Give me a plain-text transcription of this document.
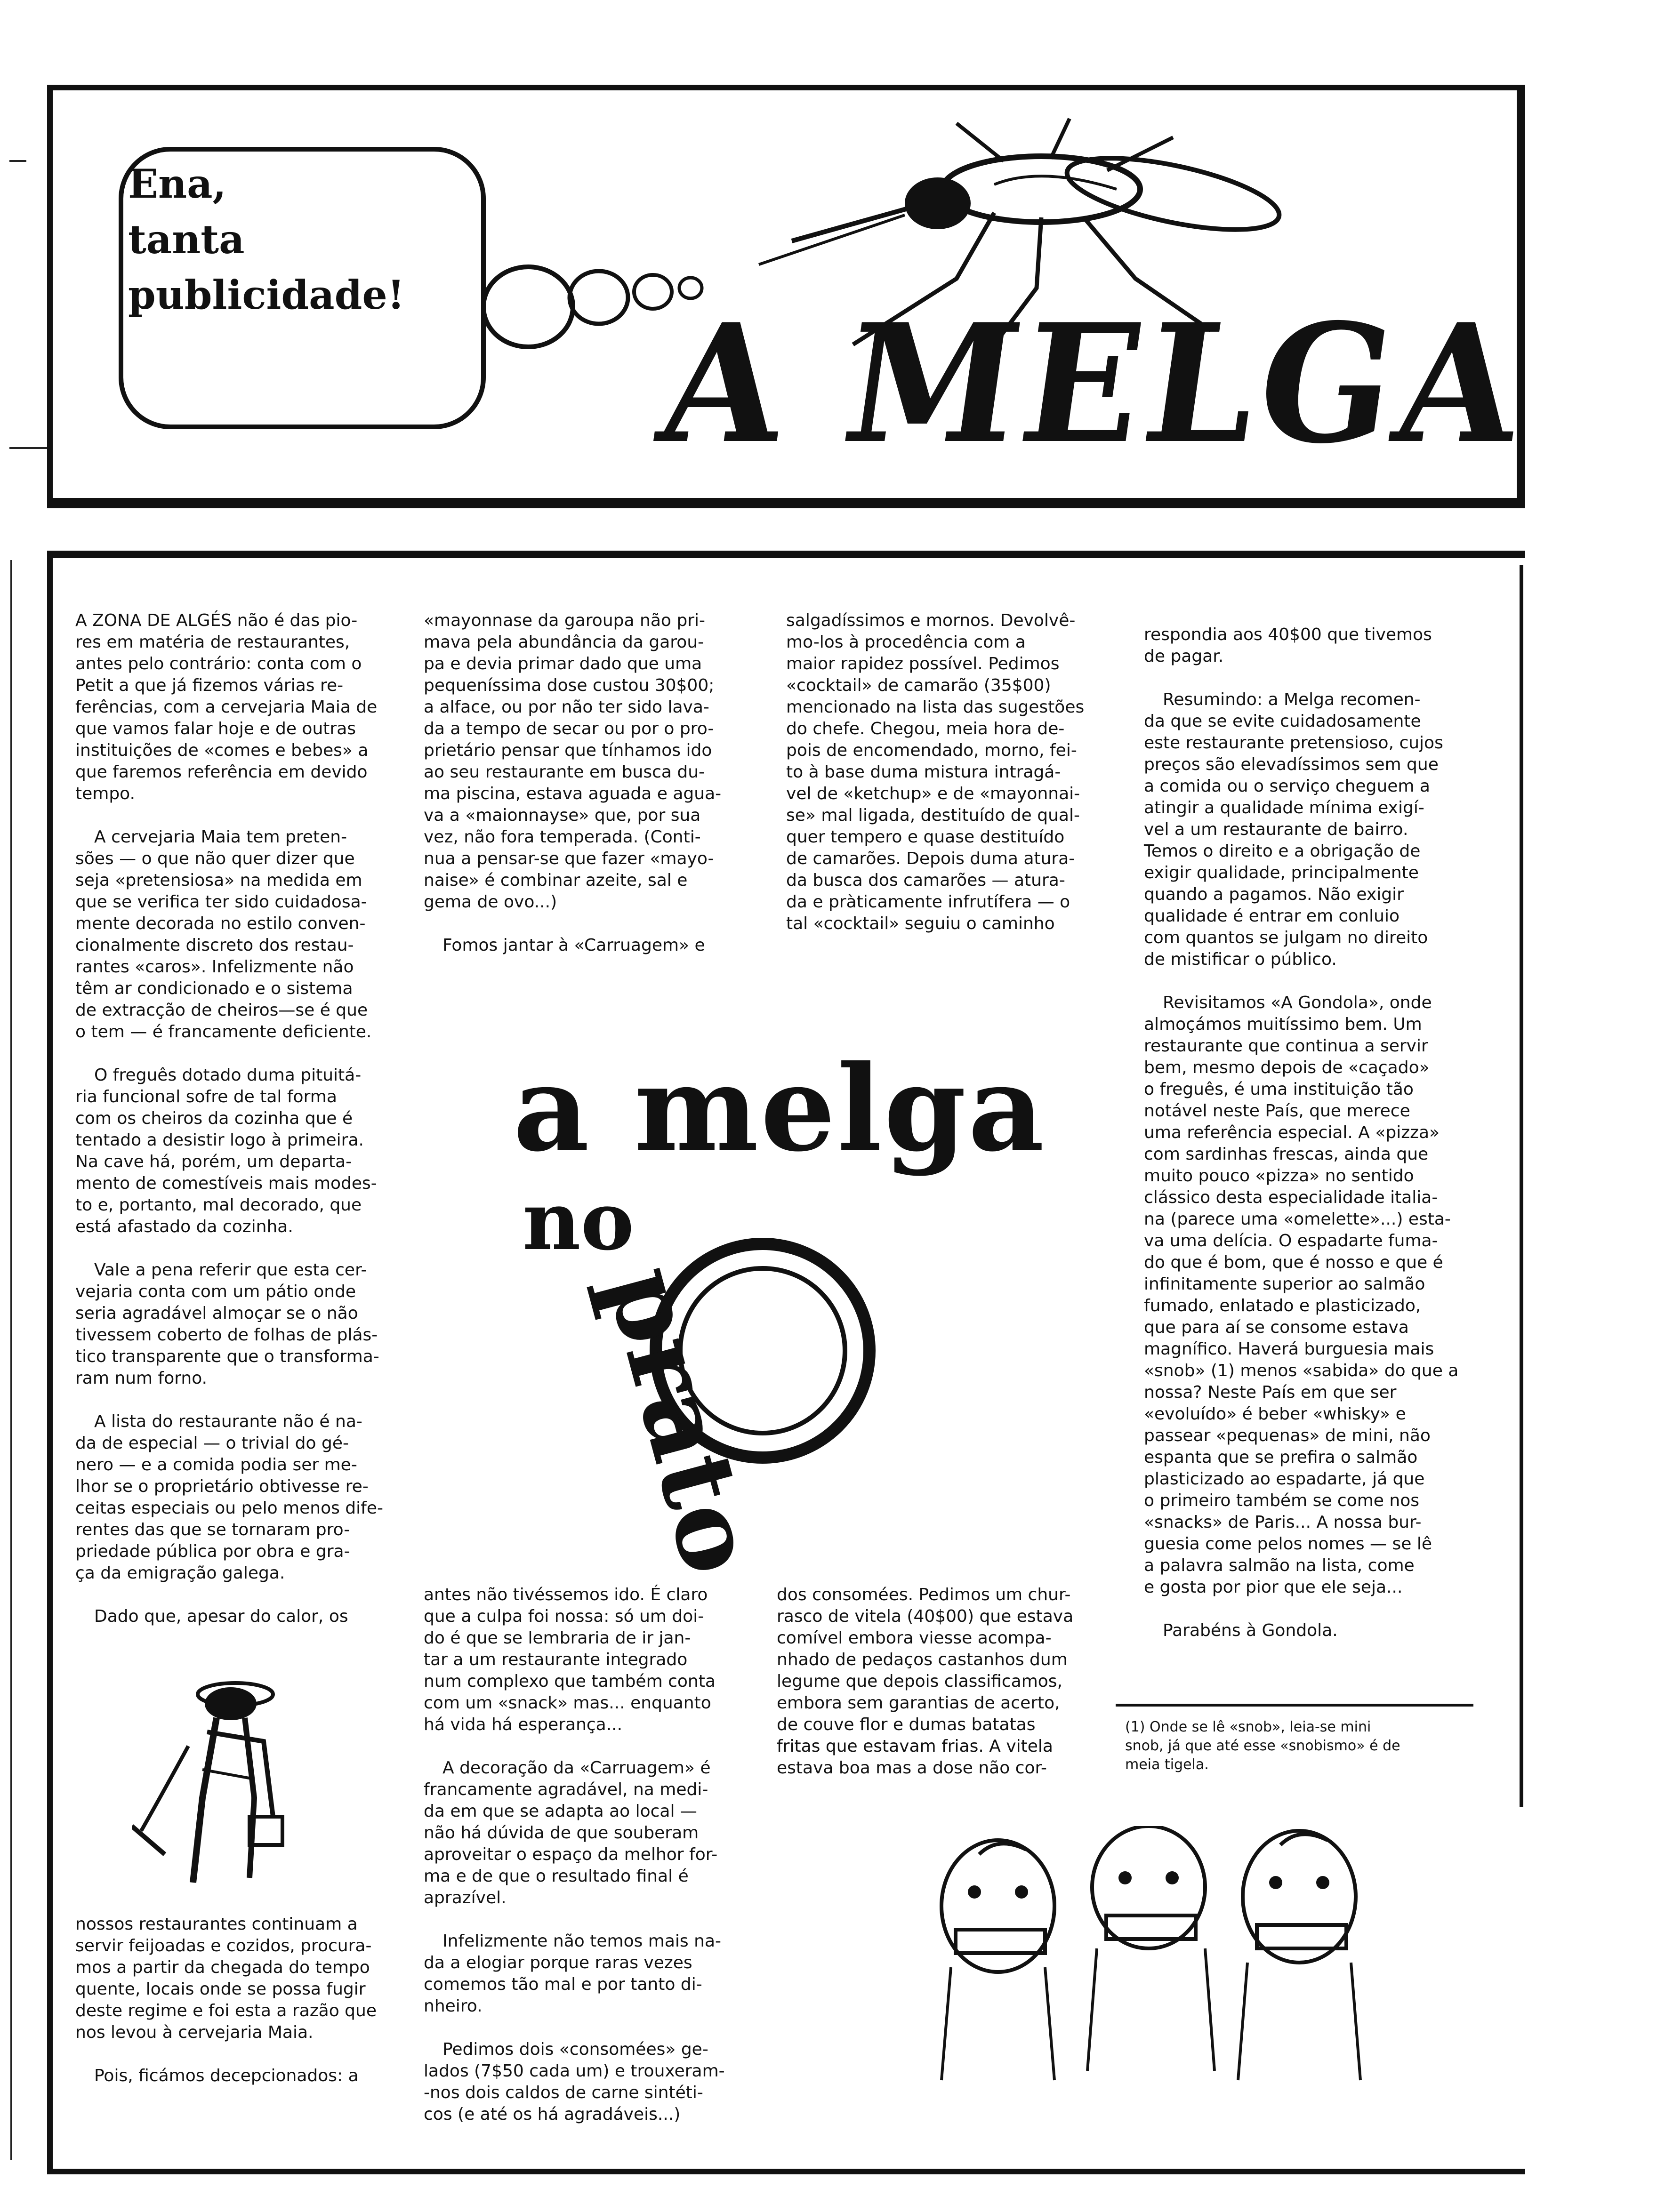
Ena,
tanta
publicidade! A MELGA

A ZONA DE ALGÉS não é das pio-
res em matéria de restaurantes,
antes pelo contrário: conta com o
Petit a que já fizemos várias re-
ferências, com a cervejaria Maia de
que vamos falar hoje e de outras
instituições de «comes e bebes» a
que faremos referência em devido
tempo.

A cervejaria Maia tem preten-
sões — o que não quer dizer que
seja «pretensiosa» na medida em
que se verifica ter sido cuidadosa-
mente decorada no estilo conven-
cionalmente discreto dos restau-
rantes «caros». Infelizmente não
têm ar condicionado e o sistema
de extracção de cheiros—se é que
o tem — é francamente deficiente.

O freguês dotado duma pituitá-
ria funcional sofre de tal forma
com os cheiros da cozinha que é
tentado a desistir logo à primeira.
Na cave há, porém, um departa-
mento de comestíveis mais modes-
to e, portanto, mal decorado, que
está afastado da cozinha.

Vale a pena referir que esta cer-
vejaria conta com um pátio onde
seria agradável almoçar se o não
tivessem coberto de folhas de plás-
tico transparente que o transforma-
ram num forno.

A lista do restaurante não é na-
da de especial — o trivial do gé-
nero — e a comida podia ser me-
lhor se o proprietário obtivesse re-
ceitas especiais ou pelo menos dife-
rentes das que se tornaram pro-
priedade pública por obra e gra-
ça da emigração galega.

Dado que, apesar do calor, os

nossos restaurantes continuam a
servir feijoadas e cozidos, procura-
mos a partir da chegada do tempo
quente, locais onde se possa fugir
deste regime e foi esta a razão que
nos levou à cervejaria Maia.

Pois, ficámos decepcionados: a

«mayonnase da garoupa não pri-
mava pela abundância da garou-
pa e devia primar dado que uma
pequeníssima dose custou 30$00;
a alface, ou por não ter sido lava-
da a tempo de secar ou por o pro-
prietário pensar que tínhamos ido
ao seu restaurante em busca du-
ma piscina, estava aguada e agua-
va a «maionnayse» que, por sua
vez, não fora temperada. (Conti-
nua a pensar-se que fazer «mayo-
naise» é combinar azeite, sal e
gema de ovo...)

Fomos jantar à «Carruagem» e

salgadíssimos e mornos. Devolvê-
mo-los à procedência com a
maior rapidez possível. Pedimos
«cocktail» de camarão (35$00)
mencionado na lista das sugestões
do chefe. Chegou, meia hora de-
pois de encomendado, morno, fei-
to à base duma mistura intragá-
vel de «ketchup» e de «mayonnai-
se» mal ligada, destituído de qual-
quer tempero e quase destituído
de camarões. Depois duma atura-
da busca dos camarões — atura-
da e pràticamente infrutífera — o
tal «cocktail» seguiu o caminho

a melga
no
prato

antes não tivéssemos ido. É claro
que a culpa foi nossa: só um doi-
do é que se lembraria de ir jan-
tar a um restaurante integrado
num complexo que também conta
com um «snack» mas... enquanto
há vida há esperança...

A decoração da «Carruagem» é
francamente agradável, na medi-
da em que se adapta ao local —
não há dúvida de que souberam
aproveitar o espaço da melhor for-
ma e de que o resultado final é
aprazível.

Infelizmente não temos mais na-
da a elogiar porque raras vezes
comemos tão mal e por tanto di-
nheiro.

Pedimos dois «consomées» ge-
lados (7$50 cada um) e trouxeram-
-nos dois caldos de carne sintéti-
cos (e até os há agradáveis...)

dos consomées. Pedimos um chur-
rasco de vitela (40$00) que estava
comível embora viesse acompa-
nhado de pedaços castanhos dum
legume que depois classificamos,
embora sem garantias de acerto,
de couve flor e dumas batatas
fritas que estavam frias. A vitela
estava boa mas a dose não cor-

respondia aos 40$00 que tivemos
de pagar.

Resumindo: a Melga recomen-
da que se evite cuidadosamente
este restaurante pretensioso, cujos
preços são elevadíssimos sem que
a comida ou o serviço cheguem a
atingir a qualidade mínima exigí-
vel a um restaurante de bairro.
Temos o direito e a obrigação de
exigir qualidade, principalmente
quando a pagamos. Não exigir
qualidade é entrar em conluio
com quantos se julgam no direito
de mistificar o público.

Revisitamos «A Gondola», onde
almoçámos muitíssimo bem. Um
restaurante que continua a servir
bem, mesmo depois de «caçado»
o freguês, é uma instituição tão
notável neste País, que merece
uma referência especial. A «pizza»
com sardinhas frescas, ainda que
muito pouco «pizza» no sentido
clássico desta especialidade italia-
na (parece uma «omelette»...) esta-
va uma delícia. O espadarte fuma-
do que é bom, que é nosso e que é
infinitamente superior ao salmão
fumado, enlatado e plasticizado,
que para aí se consome estava
magnífico. Haverá burguesia mais
«snob» (1) menos «sabida» do que a
nossa? Neste País em que ser
«evoluído» é beber «whisky» e
passear «pequenas» de mini, não
espanta que se prefira o salmão
plasticizado ao espadarte, já que
o primeiro também se come nos
«snacks» de Paris... A nossa bur-
guesia come pelos nomes — se lê
a palavra salmão na lista, come
e gosta por pior que ele seja...

Parabéns à Gondola.

(1) Onde se lê «snob», leia-se mini
snob, já que até esse «snobismo» é de
meia tigela.
